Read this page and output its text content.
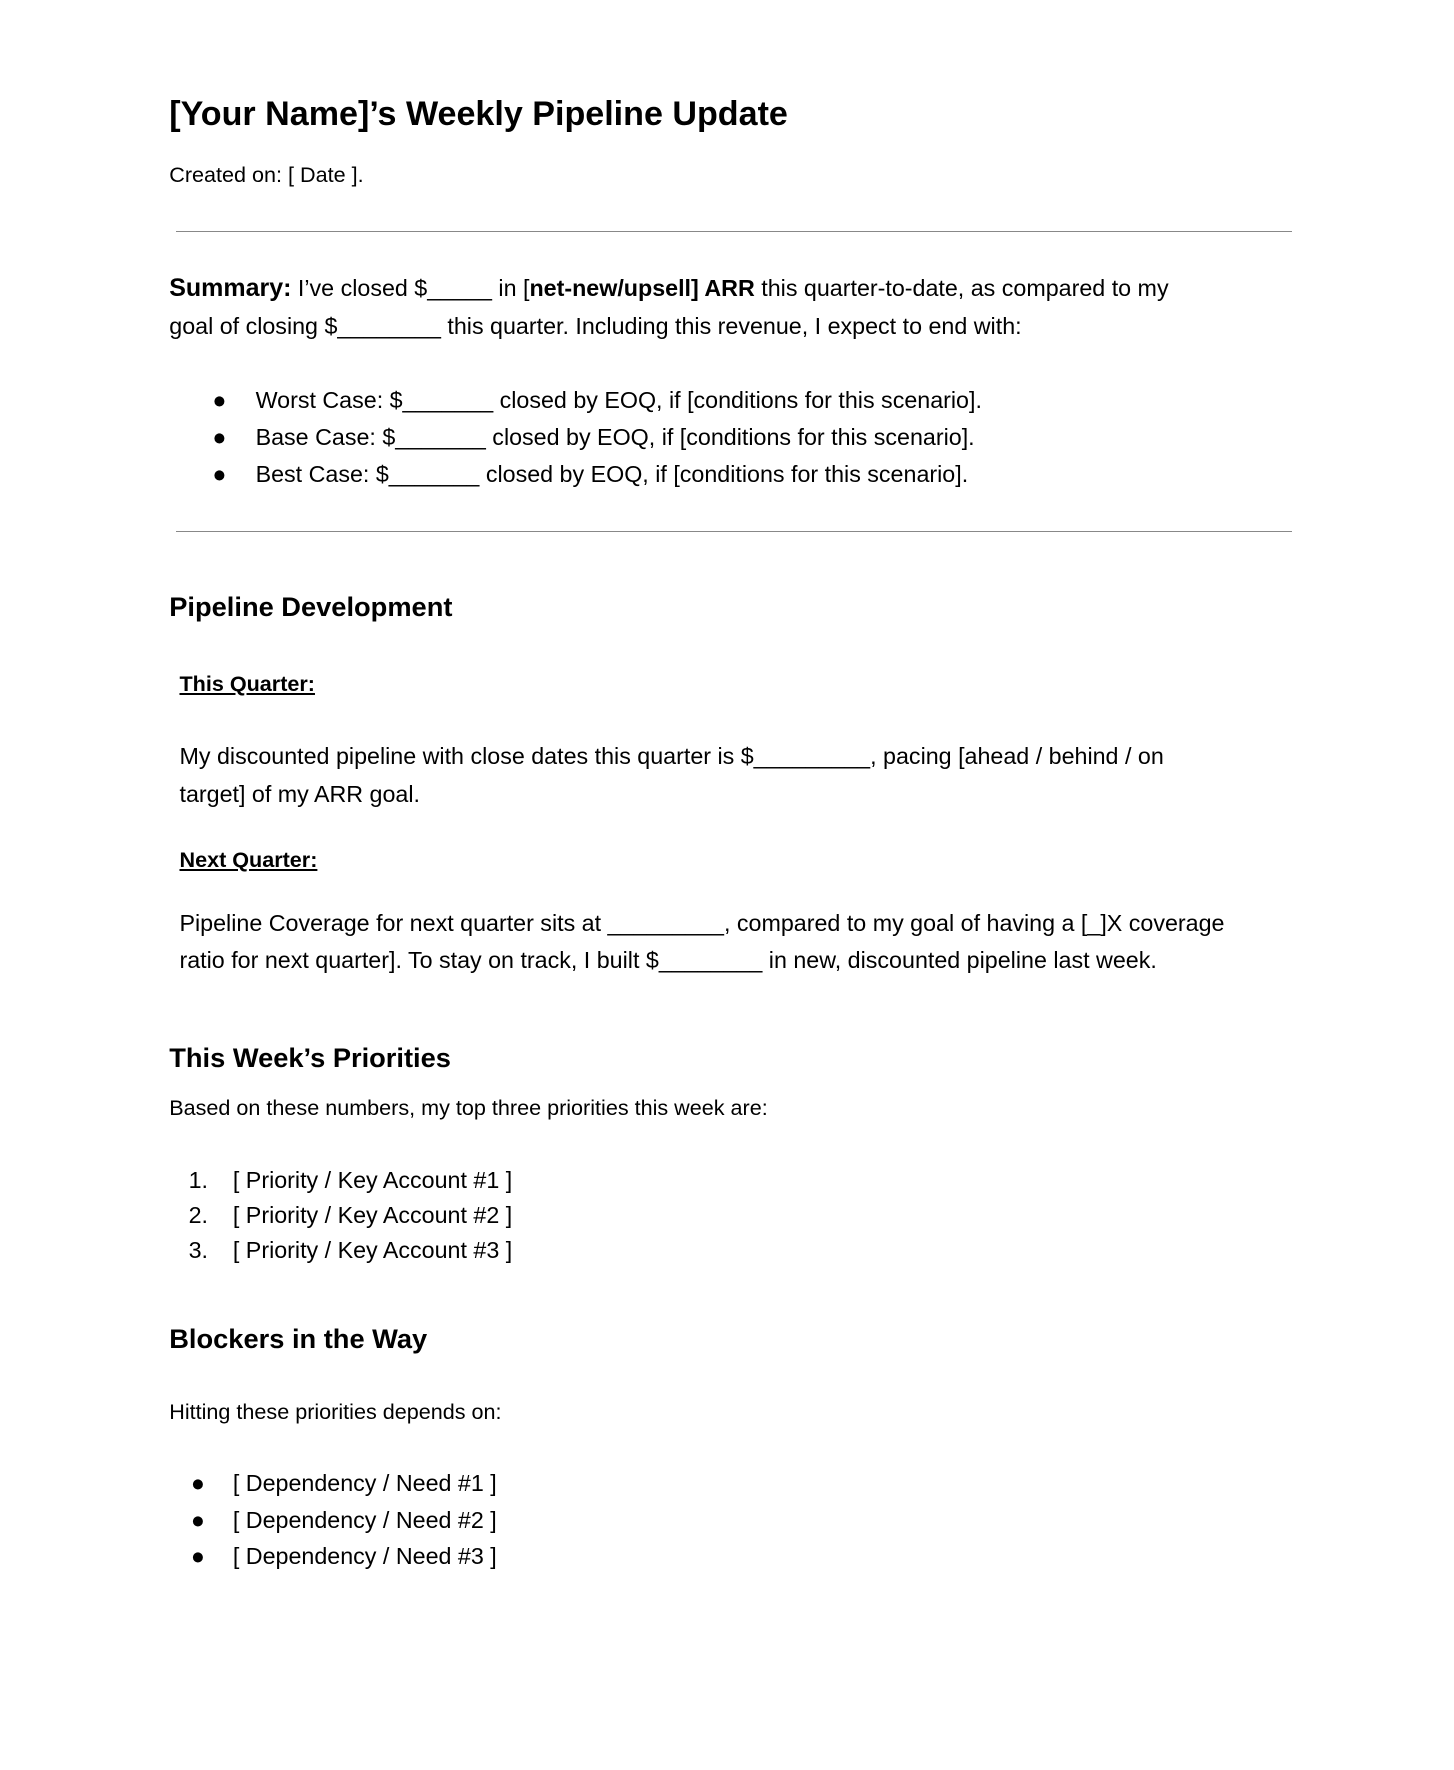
[Your Name]’s Weekly Pipeline Update
Created on: [ Date ].
Summary: I’ve closed $_____ in [net-new/upsell] ARR this quarter-to-date, as compared to my
goal of closing $________ this quarter. Including this revenue, I expect to end with:
● Worst Case: $_______ closed by EOQ, if [conditions for this scenario].
● Base Case: $_______ closed by EOQ, if [conditions for this scenario].
● Best Case: $_______ closed by EOQ, if [conditions for this scenario].
Pipeline Development
This Quarter:
My discounted pipeline with close dates this quarter is $_________, pacing [ahead / behind / on
target] of my ARR goal.
Next Quarter:
Pipeline Coverage for next quarter sits at _________, compared to my goal of having a [_]X coverage
ratio for next quarter]. To stay on track, I built $________ in new, discounted pipeline last week.
This Week’s Priorities
Based on these numbers, my top three priorities this week are:
1. [ Priority / Key Account #1 ]
2. [ Priority / Key Account #2 ]
3. [ Priority / Key Account #3 ]
Blockers in the Way
Hitting these priorities depends on:
● [ Dependency / Need #1 ]
● [ Dependency / Need #2 ]
● [ Dependency / Need #3 ]
